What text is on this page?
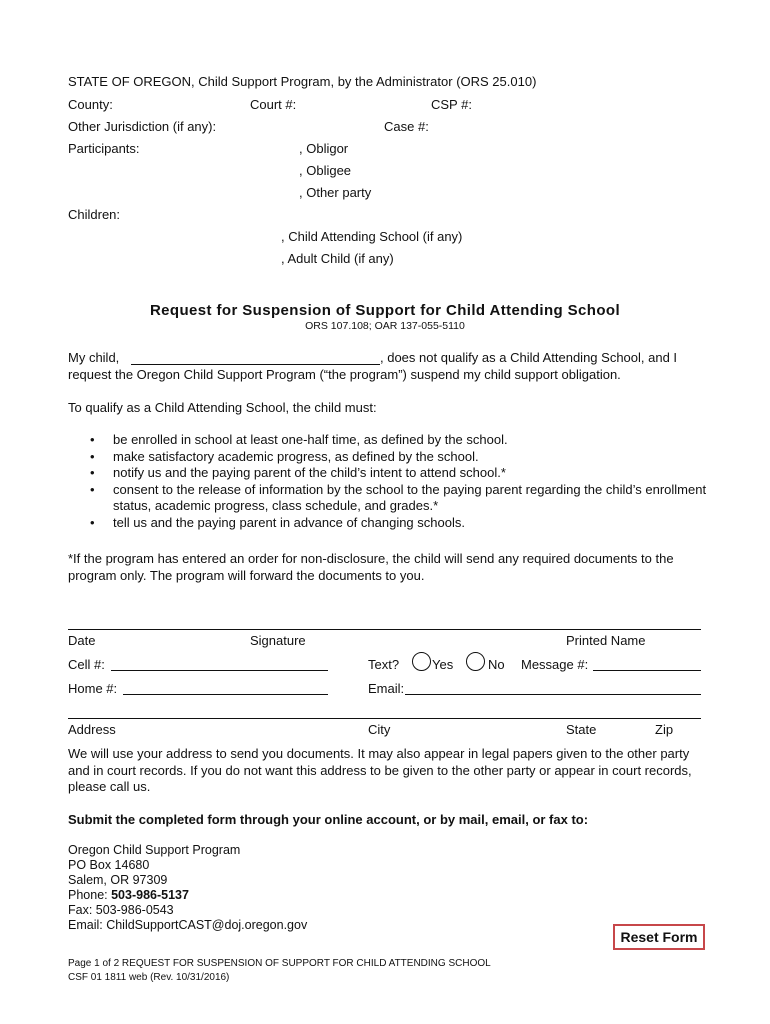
STATE OF OREGON, Child Support Program, by the Administrator (ORS 25.010)
County:	Court #:	CSP #:
Other Jurisdiction (if any):	Case #:
Participants:	, Obligor
, Obligee
, Other party
Children:
, Child Attending School (if any)
, Adult Child (if any)
Request for Suspension of Support for Child Attending School
ORS 107.108; OAR 137-055-5110
My child,	, does not qualify as a Child Attending School, and I
request the Oregon Child Support Program (“the program”) suspend my child support obligation.
To qualify as a Child Attending School, the child must:
• be enrolled in school at least one-half time, as defined by the school.
• make satisfactory academic progress, as defined by the school.
• notify us and the paying parent of the child’s intent to attend school.*
• consent to the release of information by the school to the paying parent regarding the child’s enrollment status, academic progress, class schedule, and grades.*
• tell us and the paying parent in advance of changing schools.
*If the program has entered an order for non-disclosure, the child will send any required documents to the program only. The program will forward the documents to you.
Date	Signature	Printed Name
Cell #:	Text?	Yes	No Message #:
Home #:	Email:
Address	City	State	Zip
We will use your address to send you documents. It may also appear in legal papers given to the other party and in court records. If you do not want this address to be given to the other party or appear in court records, please call us.
Submit the completed form through your online account, or by mail, email, or fax to:
Oregon Child Support Program
PO Box 14680
Salem, OR 97309
Phone: 503-986-5137
Fax: 503-986-0543
Email: ChildSupportCAST@doj.oregon.gov
Reset Form
Page 1 of 2 REQUEST FOR SUSPENSION OF SUPPORT FOR CHILD ATTENDING SCHOOL
CSF 01 1811 web (Rev. 10/31/2016)
